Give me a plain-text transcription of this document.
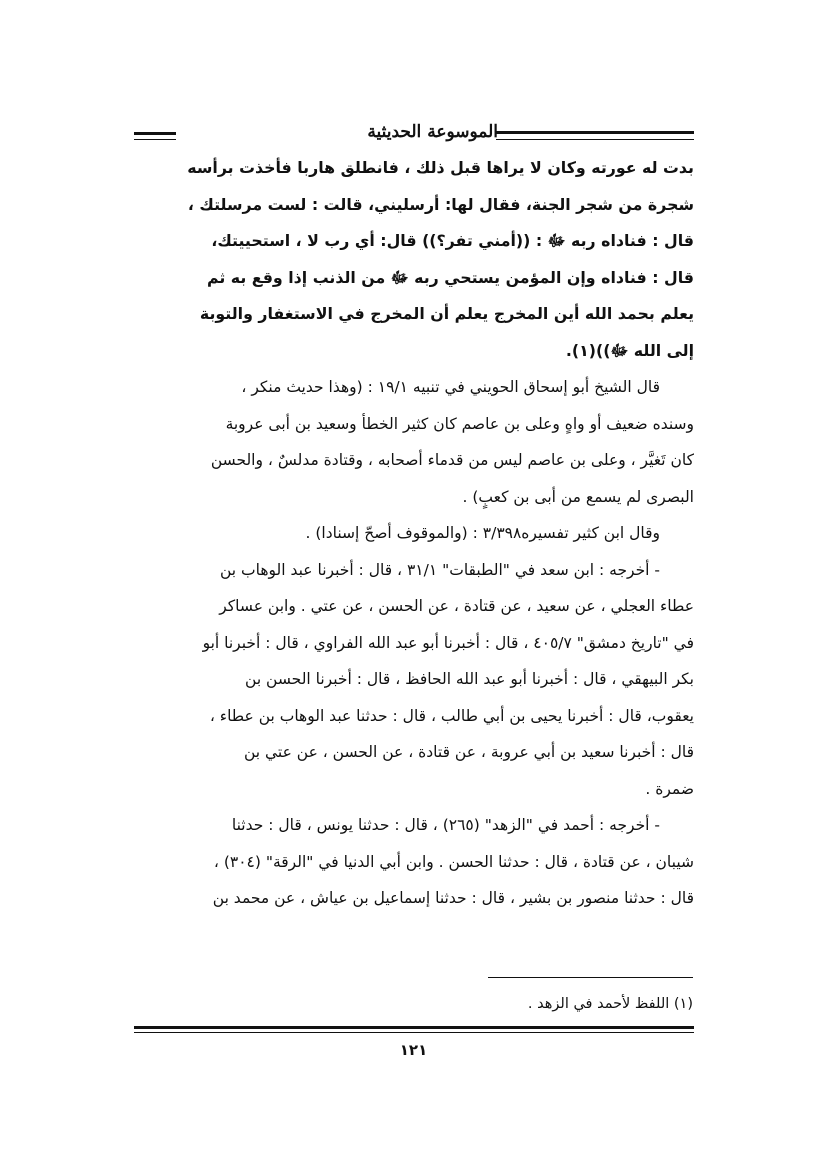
الموسوعة الحديثية
بدت له عورته وكان لا يراها قبل ذلك ، فانطلق هاربا فأخذت برأسه
شجرة من شجر الجنة، فقال لها: أرسليني، قالت : لست مرسلتك ،
قال : فناداه ربه ﷻ : ((أمني تفر؟)) قال: أي رب لا ، استحييتك،
قال : فناداه وإن المؤمن يستحي ربه ﷻ من الذنب إذا وقع به ثم
يعلم بحمد الله أين المخرج يعلم أن المخرج في الاستغفار والتوبة
إلى الله ﷻ))(١).
قال الشيخ أبو إسحاق الحويني في تنبيه ١٩/١ : (وهذا حديث منكر ،
وسنده ضعيف أو واهٍ وعلى بن عاصم كان كثير الخطأ وسعيد بن أبى عروبة
كان تَغيَّر ، وعلى بن عاصم ليس من قدماء أصحابه ، وقتادة مدلسٌ ، والحسن
البصرى لم يسمع من أبى بن كعبٍ) .
وقال ابن كثير تفسيره٣/٣٩٨ : (والموقوف أصحّ إسنادا) .
- أخرجه : ابن سعد في "الطبقات" ٣١/١ ، قال : أخبرنا عبد الوهاب بن
عطاء العجلي ، عن سعيد ، عن قتادة ، عن الحسن ، عن عتي . وابن عساكر
في "تاريخ دمشق" ٤٠٥/٧ ، قال : أخبرنا أبو عبد الله الفراوي ، قال : أخبرنا أبو
بكر البيهقي ، قال : أخبرنا أبو عبد الله الحافظ ، قال : أخبرنا الحسن بن
يعقوب، قال : أخبرنا يحيى بن أبي طالب ، قال : حدثنا عبد الوهاب بن عطاء ،
قال : أخبرنا سعيد بن أبي عروبة ، عن قتادة ، عن الحسن ، عن عتي بن
ضمرة .
- أخرجه : أحمد في "الزهد" (٢٦٥) ، قال : حدثنا يونس ، قال : حدثنا
شيبان ، عن قتادة ، قال : حدثنا الحسن . وابن أبي الدنيا في "الرقة" (٣٠٤) ،
قال : حدثنا منصور بن بشير ، قال : حدثنا إسماعيل بن عياش ، عن محمد بن
(١) اللفظ لأحمد في الزهد .
١٢١
